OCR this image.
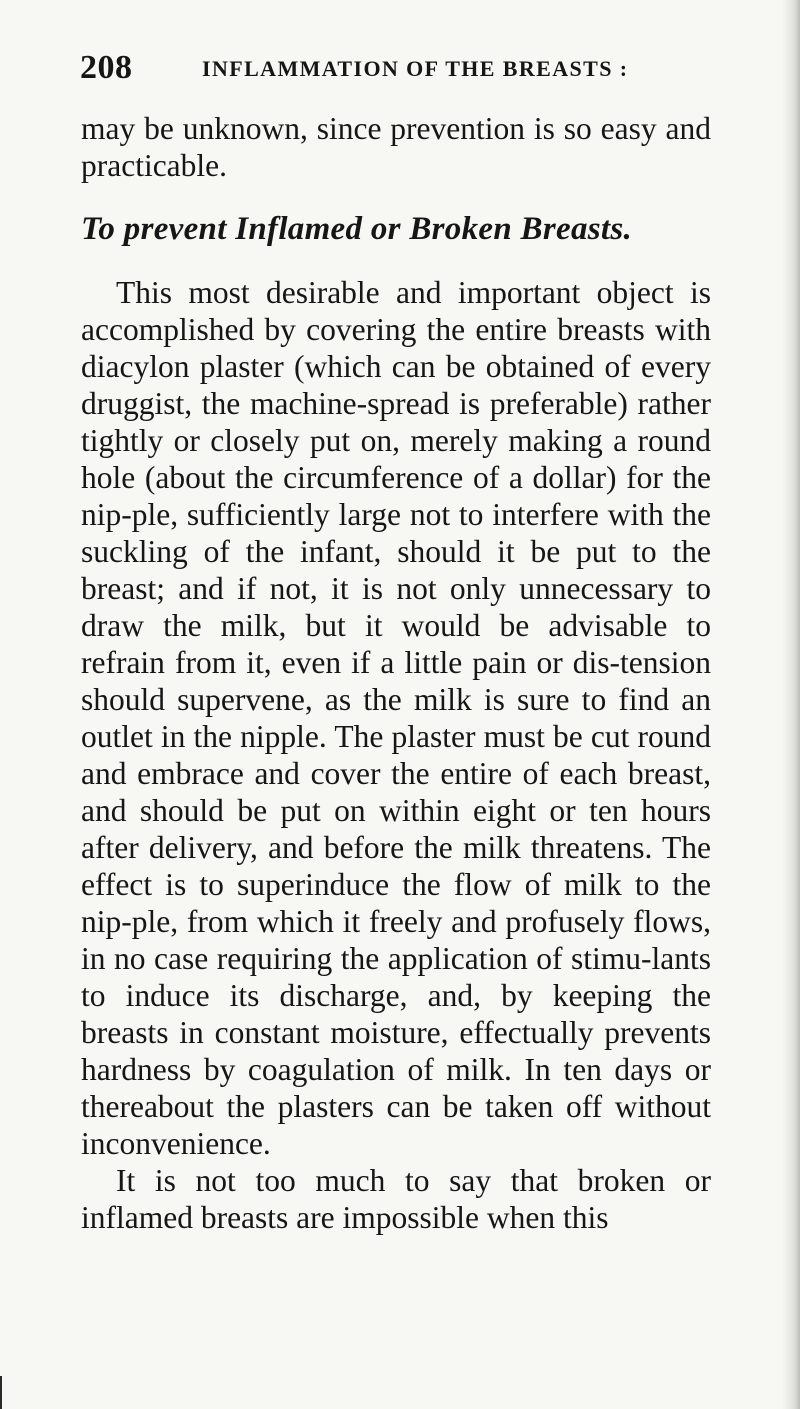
208	INFLAMMATION OF THE BREASTS :

may be unknown, since prevention is so easy and practicable.

To prevent Inflamed or Broken Breasts.

This most desirable and important object is accomplished by covering the entire breasts with diacylon plaster (which can be obtained of every druggist, the machine-spread is preferable) rather tightly or closely put on, merely making a round hole (about the circumference of a dollar) for the nip-ple, sufficiently large not to interfere with the suckling of the infant, should it be put to the breast; and if not, it is not only unnecessary to draw the milk, but it would be advisable to refrain from it, even if a little pain or dis-tension should supervene, as the milk is sure to find an outlet in the nipple. The plaster must be cut round and embrace and cover the entire of each breast, and should be put on within eight or ten hours after delivery, and before the milk threatens. The effect is to superinduce the flow of milk to the nip-ple, from which it freely and profusely flows, in no case requiring the application of stimu-lants to induce its discharge, and, by keeping the breasts in constant moisture, effectually prevents hardness by coagulation of milk. In ten days or thereabout the plasters can be taken off without inconvenience.

It is not too much to say that broken or inflamed breasts are impossible when this
